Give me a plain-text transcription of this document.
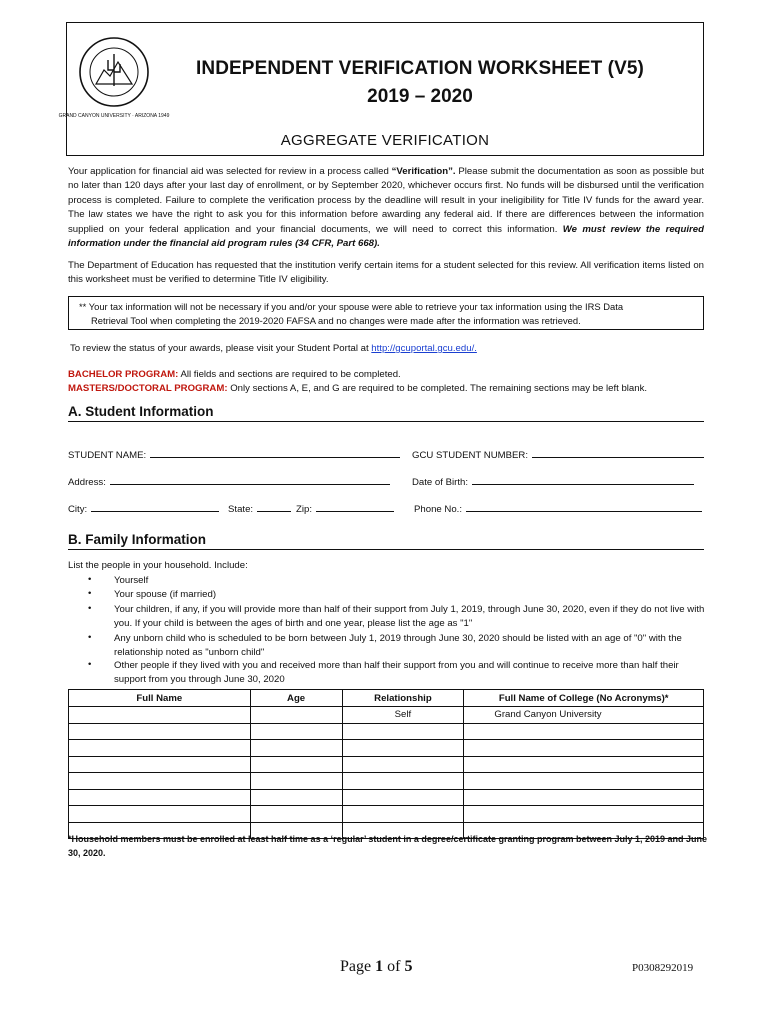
GRAND CANYON UNIVERSITY · ARIZONA 1949
INDEPENDENT VERIFICATION WORKSHEET (V5)
2019 – 2020
AGGREGATE VERIFICATION
Your application for financial aid was selected for review in a process called “Verification”. Please submit the documentation as soon as possible but no later than 120 days after your last day of enrollment, or by September 2020, whichever occurs first. No funds will be disbursed until the verification process is completed. Failure to complete the verification process by the deadline will result in your ineligibility for Title IV funds for the award year. The law states we have the right to ask you for this information before awarding any federal aid. If there are differences between the information supplied on your federal application and your financial documents, we will need to correct this information. We must review the required information under the financial aid program rules (34 CFR, Part 668).
The Department of Education has requested that the institution verify certain items for a student selected for this review. All verification items listed on this worksheet must be verified to determine Title IV eligibility.
** Your tax information will not be necessary if you and/or your spouse were able to retrieve your tax information using the IRS Data
Retrieval Tool when completing the 2019-2020 FAFSA and no changes were made after the information was retrieved.
To review the status of your awards, please visit your Student Portal at http://gcuportal.gcu.edu/.
BACHELOR PROGRAM: All fields and sections are required to be completed.
MASTERS/DOCTORAL PROGRAM: Only sections A, E, and G are required to be completed. The remaining sections may be left blank.
A. Student Information
STUDENT NAME:	GCU STUDENT NUMBER:
Address:	Date of Birth:
City:	State:	Zip:	Phone No.:
B. Family Information
List the people in your household. Include:
• Yourself
• Your spouse (if married)
• Your children, if any, if you will provide more than half of their support from July 1, 2019, through June 30, 2020, even if they do not live with you. If your child is between the ages of birth and one year, please list the age as "1"
• Any unborn child who is scheduled to be born between July 1, 2019 through June 30, 2020 should be listed with an age of "0" with the relationship noted as "unborn child"
• Other people if they lived with you and received more than half their support from you and will continue to receive more than half their support from you through June 30, 2020
Full Name	Age	Relationship	Full Name of College (No Acronyms)*
		Self	Grand Canyon University

*Household members must be enrolled at least half time as a ‘regular’ student in a degree/certificate granting program between July 1, 2019 and June 30, 2020.
Page 1 of 5	P0308292019
